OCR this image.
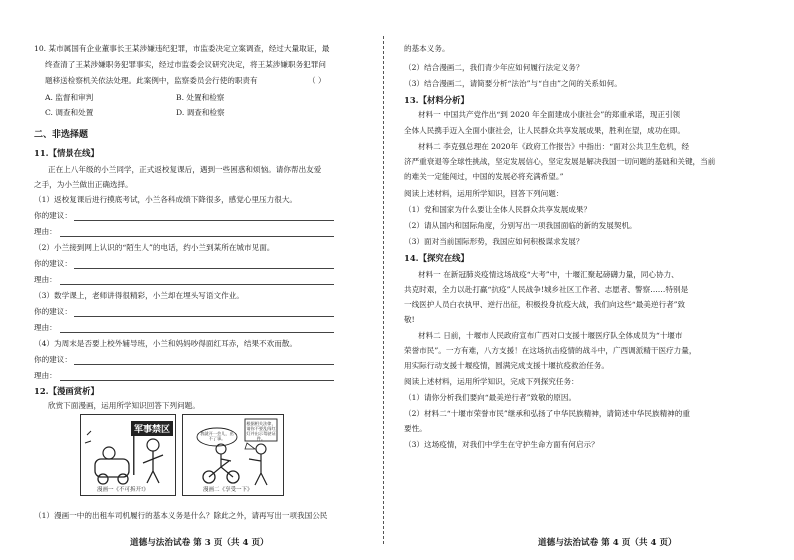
10. 某市属国有企业董事长王某涉嫌违纪犯罪，市监委决定立案调查，经过大量取证，最
终查清了王某涉嫌职务犯罪事实，经过市监委会议研究决定，将王某涉嫌职务犯罪问
题移送检察机关依法处理。此案例中，监察委员会行使的职责有	（ ）
A. 监督和审判	B. 处置和检察
C. 调查和处置	D. 调查和检察
二、非选择题
11.【情景在线】
正在上八年级的小兰同学，正式返校复课后，遇到一些困惑和烦恼。请你帮出友爱
之手，为小兰做出正确选择。
（1）返校复课后进行摸底考试，小兰各科成绩下降很多，感觉心里压力很大。
你的建议：
理由：
（2）小兰接到网上认识的“陌生人”的电话，约小兰到某所在城市见面。
你的建议：
理由：
（3）数学课上，老师讲得很精彩，小兰却在埋头写语文作业。
你的建议：
理由：
（4）为周末是否要上校外辅导班，小兰和妈妈吵得面红耳赤，结果不欢而散。
你的建议：
理由：
12.【漫画赏析】
欣赏下面漫画，运用所学知识回答下列问题。
军事禁区
漫画一《不可拆开!》
我就开一会儿，出不了事。
根据相关法律，请你不要乱闯红灯并出示驾驶证件。
漫画二《享受一下》
（1）漫画一中的出租车司机履行的基本义务是什么？除此之外，请再写出一项我国公民
道德与法治试卷 第 3 页（共 4 页）
的基本义务。
（2）结合漫画二，我们青少年应如何履行法定义务？
（3）结合漫画二，请简要分析“法治”与“自由”之间的关系如何。
13.【材料分析】
材料一 中国共产党作出“到 2020 年全面建成小康社会”的郑重承诺，现正引领
全体人民携手迈入全面小康社会，让人民群众共享发展成果，胜利在望，成功在即。
材料二 李克强总理在 2020年《政府工作报告》中指出：“面对公共卫生危机，经
济严重衰退等全球性挑战，坚定发展信心，坚定发展是解决我国一切问题的基础和关键，当前
的难关一定能闯过，中国的发展必将充满希望。”
阅读上述材料，运用所学知识，回答下列问题：
（1）党和国家为什么要让全体人民群众共享发展成果？
（2）请从国内和国际角度，分别写出一项我国面临的新的发展契机。
（3）面对当前国际形势，我国应如何积极谋求发展？
14.【探究在线】
材料一 在新冠肺炎疫情这场战疫“大考”中，十堰汇聚起磅礴力量，同心协力、
共克时艰，全力以赴打赢“抗疫”人民战争!城乡社区工作者、志愿者、警察……特别是
一线医护人员白衣执甲、逆行出征，积极投身抗疫大战，我们向这些“最美逆行者”致
敬!
材料二 日前，十堰市人民政府宣布广西对口支援十堰医疗队全体成员为“十堰市
荣誉市民”。一方有难，八方支援！在这场抗击疫情的战斗中，广西调派精干医疗力量，
用实际行动支援十堰疫情，圆满完成支援十堰抗疫救治任务。
阅读上述材料，运用所学知识，完成下列探究任务：
（1）请你分析我们要向“最美逆行者”致敬的原因。
（2）材料二“十堰市荣誉市民”继承和弘扬了中华民族精神，请简述中华民族精神的重
要性。
（3）这场疫情，对我们中学生在守护生命方面有何启示？
道德与法治试卷 第 4 页（共 4 页）
